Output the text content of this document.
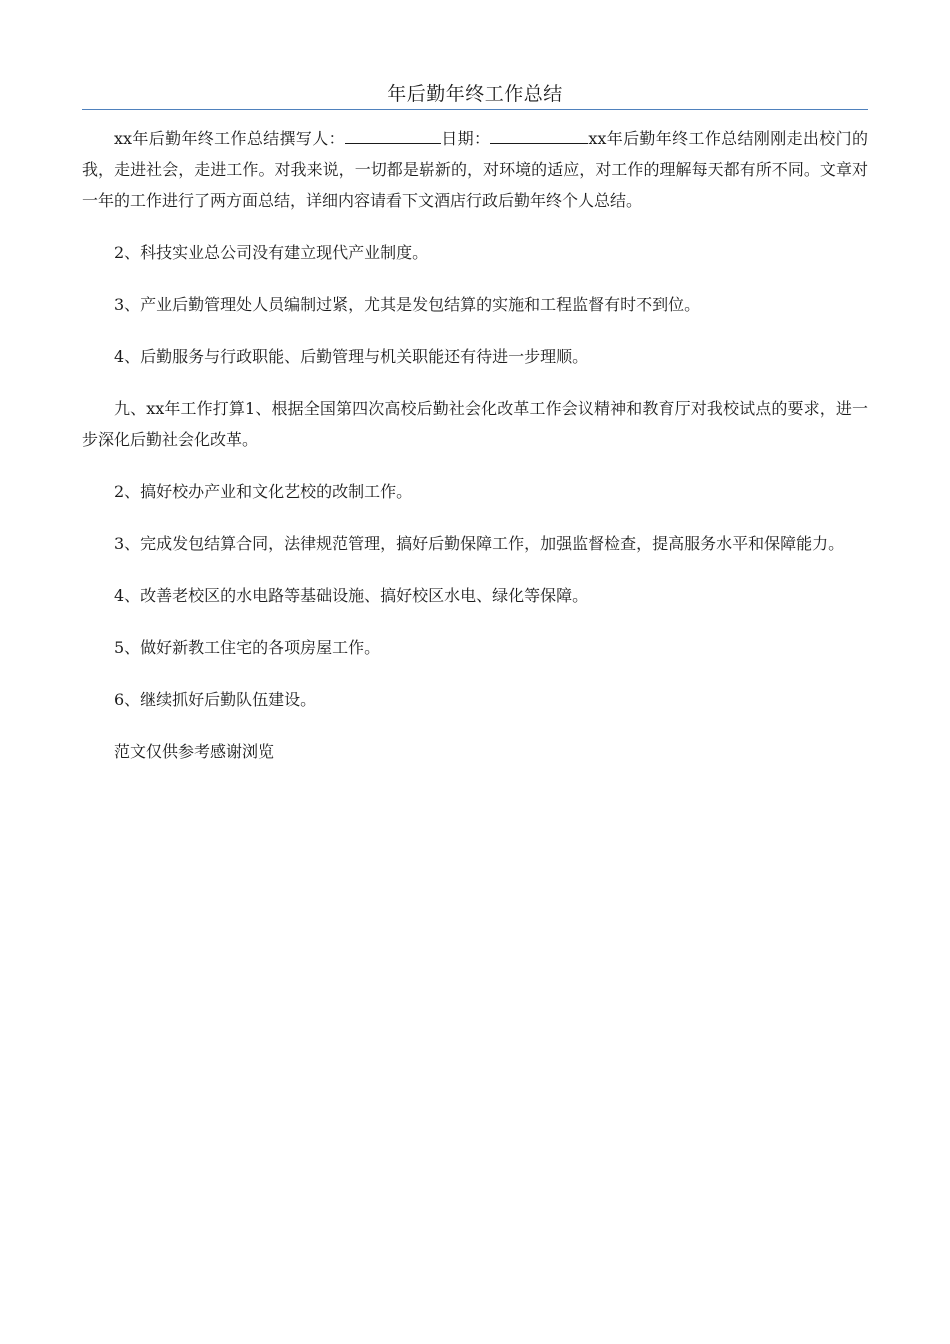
年后勤年终工作总结

xx年后勤年终工作总结撰写人：	日期：	xx年后勤年终工作总结刚刚走出校门的我，走进社会，走进工作。对我来说，一切都是崭新的，对环境的适应，对工作的理解每天都有所不同。文章对一年的工作进行了两方面总结，详细内容请看下文酒店行政后勤年终个人总结。

2、科技实业总公司没有建立现代产业制度。

3、产业后勤管理处人员编制过紧，尤其是发包结算的实施和工程监督有时不到位。

4、后勤服务与行政职能、后勤管理与机关职能还有待进一步理顺。

九、xx年工作打算1、根据全国第四次高校后勤社会化改革工作会议精神和教育厅对我校试点的要求，进一步深化后勤社会化改革。

2、搞好校办产业和文化艺校的改制工作。

3、完成发包结算合同，法律规范管理，搞好后勤保障工作，加强监督检查，提高服务水平和保障能力。

4、改善老校区的水电路等基础设施、搞好校区水电、绿化等保障。

5、做好新教工住宅的各项房屋工作。

6、继续抓好后勤队伍建设。

范文仅供参考感谢浏览
